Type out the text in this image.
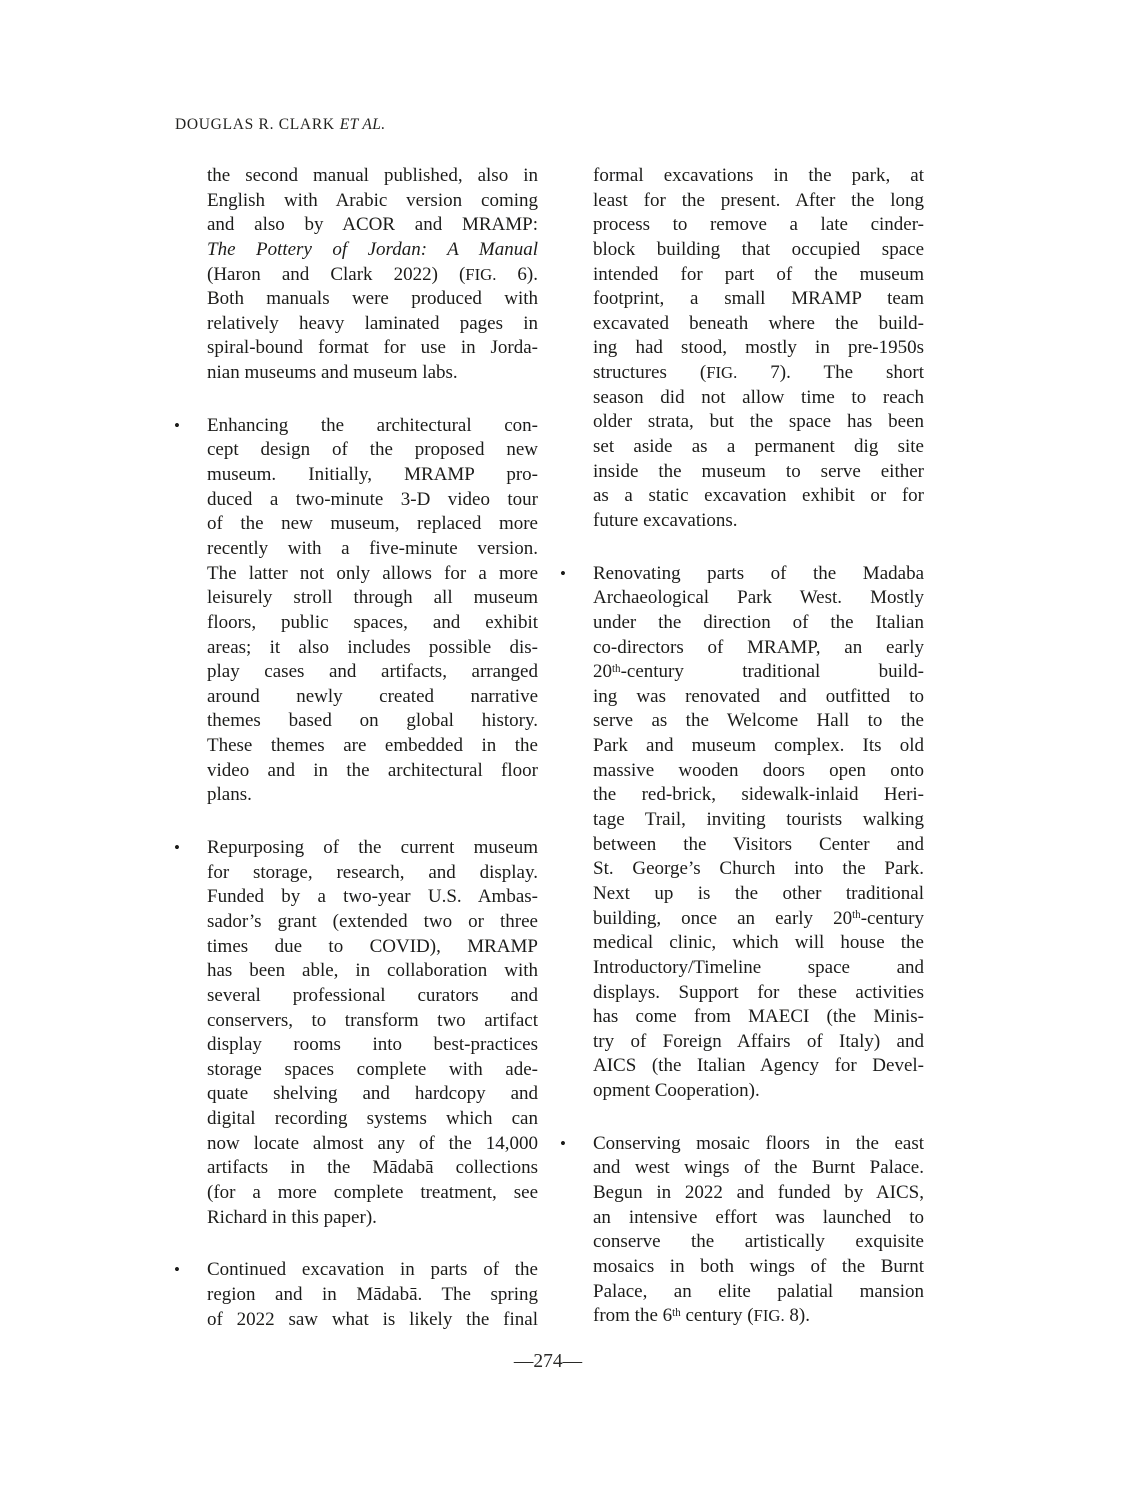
DOUGLAS R. CLARK ET AL.
the second manual published, also in
English with Arabic version coming
and also by ACOR and MRAMP:
The Pottery of Jordan: A Manual
(Haron and Clark 2022) (FIG. 6).
Both manuals were produced with
relatively heavy laminated pages in
spiral-bound format for use in Jorda-
nian museums and museum labs.
• Enhancing the architectural con-
cept design of the proposed new
museum. Initially, MRAMP pro-
duced a two-minute 3-D video tour
of the new museum, replaced more
recently with a five-minute version.
The latter not only allows for a more
leisurely stroll through all museum
floors, public spaces, and exhibit
areas; it also includes possible dis-
play cases and artifacts, arranged
around newly created narrative
themes based on global history.
These themes are embedded in the
video and in the architectural floor
plans.
• Repurposing of the current museum
for storage, research, and display.
Funded by a two-year U.S. Ambas-
sador’s grant (extended two or three
times due to COVID), MRAMP
has been able, in collaboration with
several professional curators and
conservers, to transform two artifact
display rooms into best-practices
storage spaces complete with ade-
quate shelving and hardcopy and
digital recording systems which can
now locate almost any of the 14,000
artifacts in the Mādabā collections
(for a more complete treatment, see
Richard in this paper).
• Continued excavation in parts of the
region and in Mādabā. The spring
of 2022 saw what is likely the final
formal excavations in the park, at
least for the present. After the long
process to remove a late cinder-
block building that occupied space
intended for part of the museum
footprint, a small MRAMP team
excavated beneath where the build-
ing had stood, mostly in pre-1950s
structures (FIG. 7). The short
season did not allow time to reach
older strata, but the space has been
set aside as a permanent dig site
inside the museum to serve either
as a static excavation exhibit or for
future excavations.
• Renovating parts of the Madaba
Archaeological Park West. Mostly
under the direction of the Italian
co-directors of MRAMP, an early
20th-century traditional build-
ing was renovated and outfitted to
serve as the Welcome Hall to the
Park and museum complex. Its old
massive wooden doors open onto
the red-brick, sidewalk-inlaid Heri-
tage Trail, inviting tourists walking
between the Visitors Center and
St. George’s Church into the Park.
Next up is the other traditional
building, once an early 20th-century
medical clinic, which will house the
Introductory/Timeline space and
displays. Support for these activities
has come from MAECI (the Minis-
try of Foreign Affairs of Italy) and
AICS (the Italian Agency for Devel-
opment Cooperation).
• Conserving mosaic floors in the east
and west wings of the Burnt Palace.
Begun in 2022 and funded by AICS,
an intensive effort was launched to
conserve the artistically exquisite
mosaics in both wings of the Burnt
Palace, an elite palatial mansion
from the 6th century (FIG. 8).
—274—
